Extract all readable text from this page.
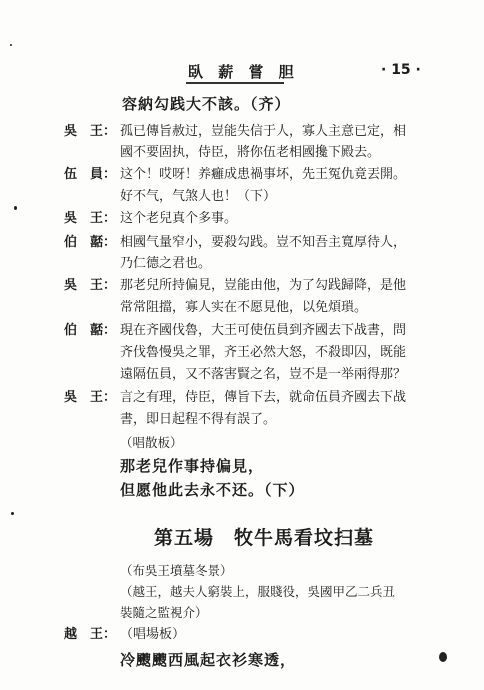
臥 薪 嘗 胆	· 15 ·
容納勾践大不該。（齐）
吳　王： 孤已傳旨赦过，豈能失信于人，寡人主意已定，相
國不要固执，侍臣，將你伍老相國攙下殿去。
伍　員： 这个！哎呀！养癰成患禍事坏，先王冤仇竟丟開。
好不气，气煞人也！（下）
吳　王： 这个老兒真个多事。
伯　嚭： 相國气量窄小，要殺勾践。豈不知吾主寬厚待人，
乃仁德之君也。
吳　王： 那老兒所持偏見，豈能由他，为了勾践歸降，是他
常常阻擋，寡人实在不愿見他，以免煩瑣。
伯　嚭： 現在齐國伐魯，大王可使伍員到齐國去下战書，問
齐伐魯慢吳之罪，齐王必然大怒，不殺即囚，既能
遠隔伍員，又不落害賢之名，豈不是一举兩得那？
吳　王： 言之有理，侍臣，傳旨下去，就命伍員齐國去下战
書，即日起程不得有誤了。
（唱散板）
那老兒作事持偏見，
但愿他此去永不还。（下）
第五場　牧牛馬看坟扫墓
（布吳王墳墓冬景）
（越王，越夫人窮裝上，服賤役，吳國甲乙二兵丑
裝隨之監視介）
越　王： （唱場板）
冷颼颼西風起衣衫寒透，
